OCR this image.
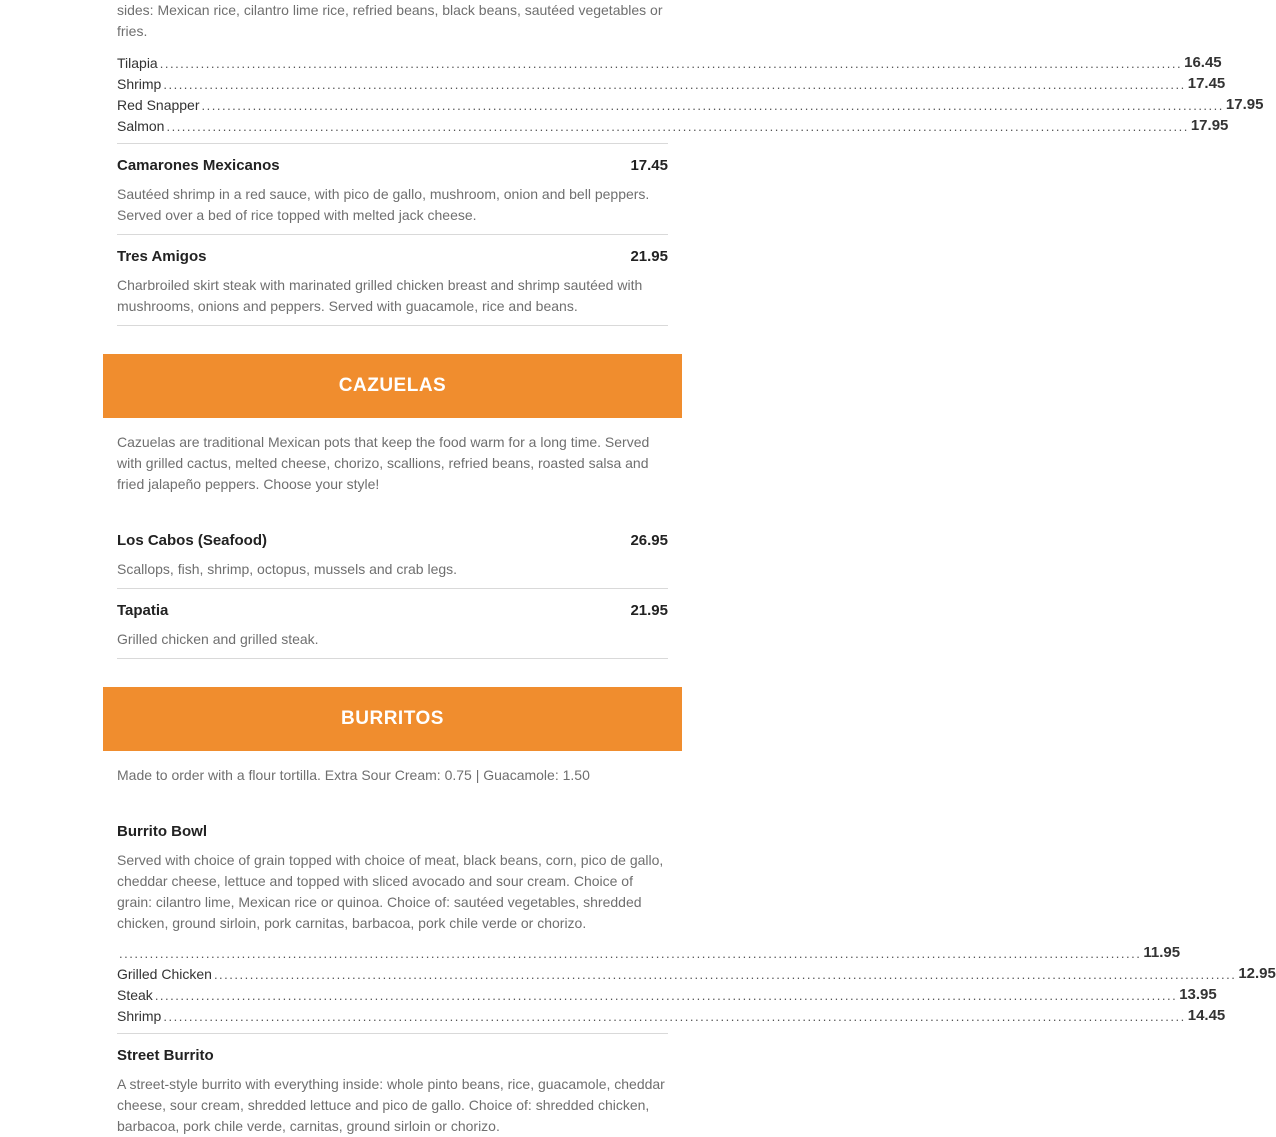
sides: Mexican rice, cilantro lime rice, refried beans, black beans, sautéed vegetables or fries.

Tilapia ........................................................................................................................................................................................................ 16.45
Shrimp ........................................................................................................................................................................................................ 17.45
Red Snapper ........................................................................................................................................................................................................ 17.95
Salmon ........................................................................................................................................................................................................ 17.95
Camarones Mexicanos	17.45

Sautéed shrimp in a red sauce, with pico de gallo, mushroom, onion and bell peppers. Served over a bed of rice topped with melted jack cheese.

Tres Amigos	21.95

Charbroiled skirt steak with marinated grilled chicken breast and shrimp sautéed with mushrooms, onions and peppers. Served with guacamole, rice and beans.

CAZUELAS

Cazuelas are traditional Mexican pots that keep the food warm for a long time. Served with grilled cactus, melted cheese, chorizo, scallions, refried beans, roasted salsa and fried jalapeño peppers. Choose your style!

Los Cabos (Seafood)	26.95

Scallops, fish, shrimp, octopus, mussels and crab legs.

Tapatia	21.95

Grilled chicken and grilled steak.

BURRITOS

Made to order with a flour tortilla. Extra Sour Cream: 0.75 | Guacamole: 1.50

Burrito Bowl

Served with choice of grain topped with choice of meat, black beans, corn, pico de gallo, cheddar cheese, lettuce and topped with sliced avocado and sour cream. Choice of grain: cilantro lime, Mexican rice or quinoa. Choice of: sautéed vegetables, shredded chicken, ground sirloin, pork carnitas, barbacoa, pork chile verde or chorizo.

........................................................................................................................................................................................................ 11.95
Grilled Chicken ........................................................................................................................................................................................................ 12.95
Steak ........................................................................................................................................................................................................ 13.95
Shrimp ........................................................................................................................................................................................................ 14.45
Street Burrito

A street-style burrito with everything inside: whole pinto beans, rice, guacamole, cheddar cheese, sour cream, shredded lettuce and pico de gallo. Choice of: shredded chicken, barbacoa, pork chile verde, carnitas, ground sirloin or chorizo.
